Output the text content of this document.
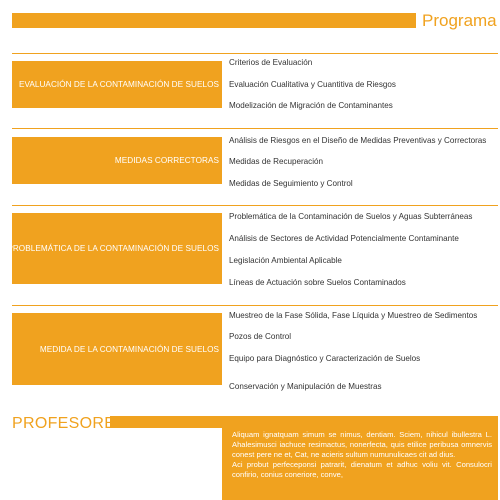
Programa
EVALUACIÓN DE LA CONTAMINACIÓN DE SUELOS
Criterios de Evaluación
Evaluación Cualitativa y Cuantitiva de Riesgos
Modelización de Migración de Contaminantes
MEDIDAS CORRECTORAS
Análisis de Riesgos en el Diseño de Medidas Preventivas y Correctoras
Medidas de Recuperación
Medidas de Seguimiento y Control
PROBLEMÁTICA DE LA CONTAMINACIÓN DE SUELOS
Problemática de la Contaminación de Suelos y Aguas Subterráneas
Análisis de Sectores de Actividad Potencialmente Contaminante
Legislación Ambiental Aplicable
Líneas de Actuación sobre Suelos Contaminados
MEDIDA DE LA CONTAMINACIÓN DE SUELOS
Muestreo de la Fase Sólida, Fase Líquida y Muestreo de Sedimentos
Pozos de Control
Equipo para Diagnóstico y Caracterización de Suelos
Conservación y Manipulación de Muestras
PROFESORES

Aliquam ignatquam simum se nimus, dentiam. Sciem, nihicul ibullestra L. Ahalesimusci iachuce resimactus, nonerfecta, quis etilice peribusa omnervis conest pere ne et, Cat, ne acieris sultum numunulicaes cit ad dius.

Aci probut perfeceponsi patrarit, dienatum et adhuc voliu vit. Consulocri confirio, conius coneriore, conve,
